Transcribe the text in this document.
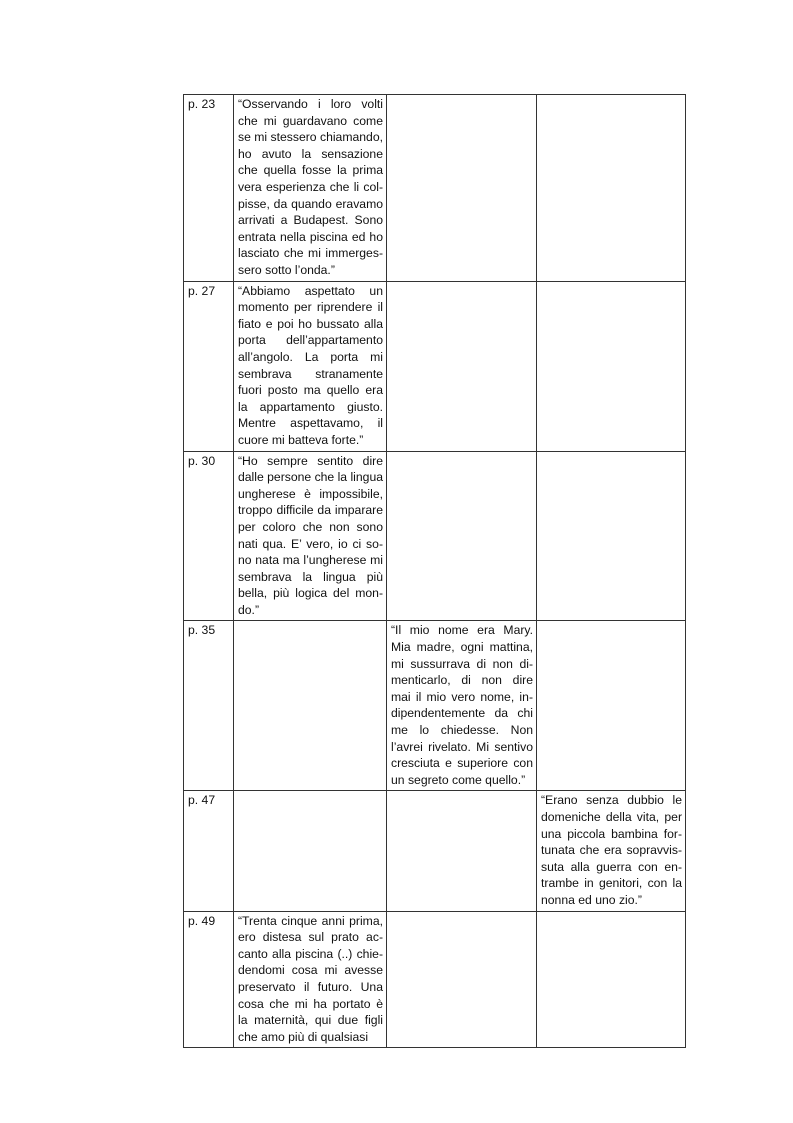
p. 23	“Osservando i loro volti che mi guardavano come se mi stessero chiamando, ho avuto la sensazione che quella fosse la prima vera esperienza che li colpisse, da quando eravamo arrivati a Budapest. Sono entrata nella piscina ed ho lasciato che mi immergessero sotto l’onda.”		

p. 27	“Abbiamo aspettato un momento per riprendere il fiato e poi ho bussato alla porta dell’appartamento all’angolo. La porta mi sembrava stranamente fuori posto ma quello era la appartamento giusto. Mentre aspettavamo, il cuore mi batteva forte.”		

p. 30	“Ho sempre sentito dire dalle persone che la lingua ungherese è impossibile, troppo difficile da imparare per coloro che non sono nati qua. E’ vero, io ci sono nata ma l’ungherese mi sembrava la lingua più bella, più logica del mondo.”		

p. 35		“Il mio nome era Mary. Mia madre, ogni mattina, mi sussurrava di non dimenticarlo, di non dire mai il mio vero nome, indipendentemente da chi me lo chiedesse. Non l’avrei rivelato. Mi sentivo cresciuta e superiore con un segreto come quello.”	

p. 47			“Erano senza dubbio le domeniche della vita, per una piccola bambina fortunata che era sopravvissuta alla guerra con entrambe in genitori, con la nonna ed uno zio.”

p. 49	“Trenta cinque anni prima, ero distesa sul prato accanto alla piscina (..) chiedendomi cosa mi avesse preservato il futuro. Una cosa che mi ha portato è la maternità, qui due figli che amo più di qualsiasi		
